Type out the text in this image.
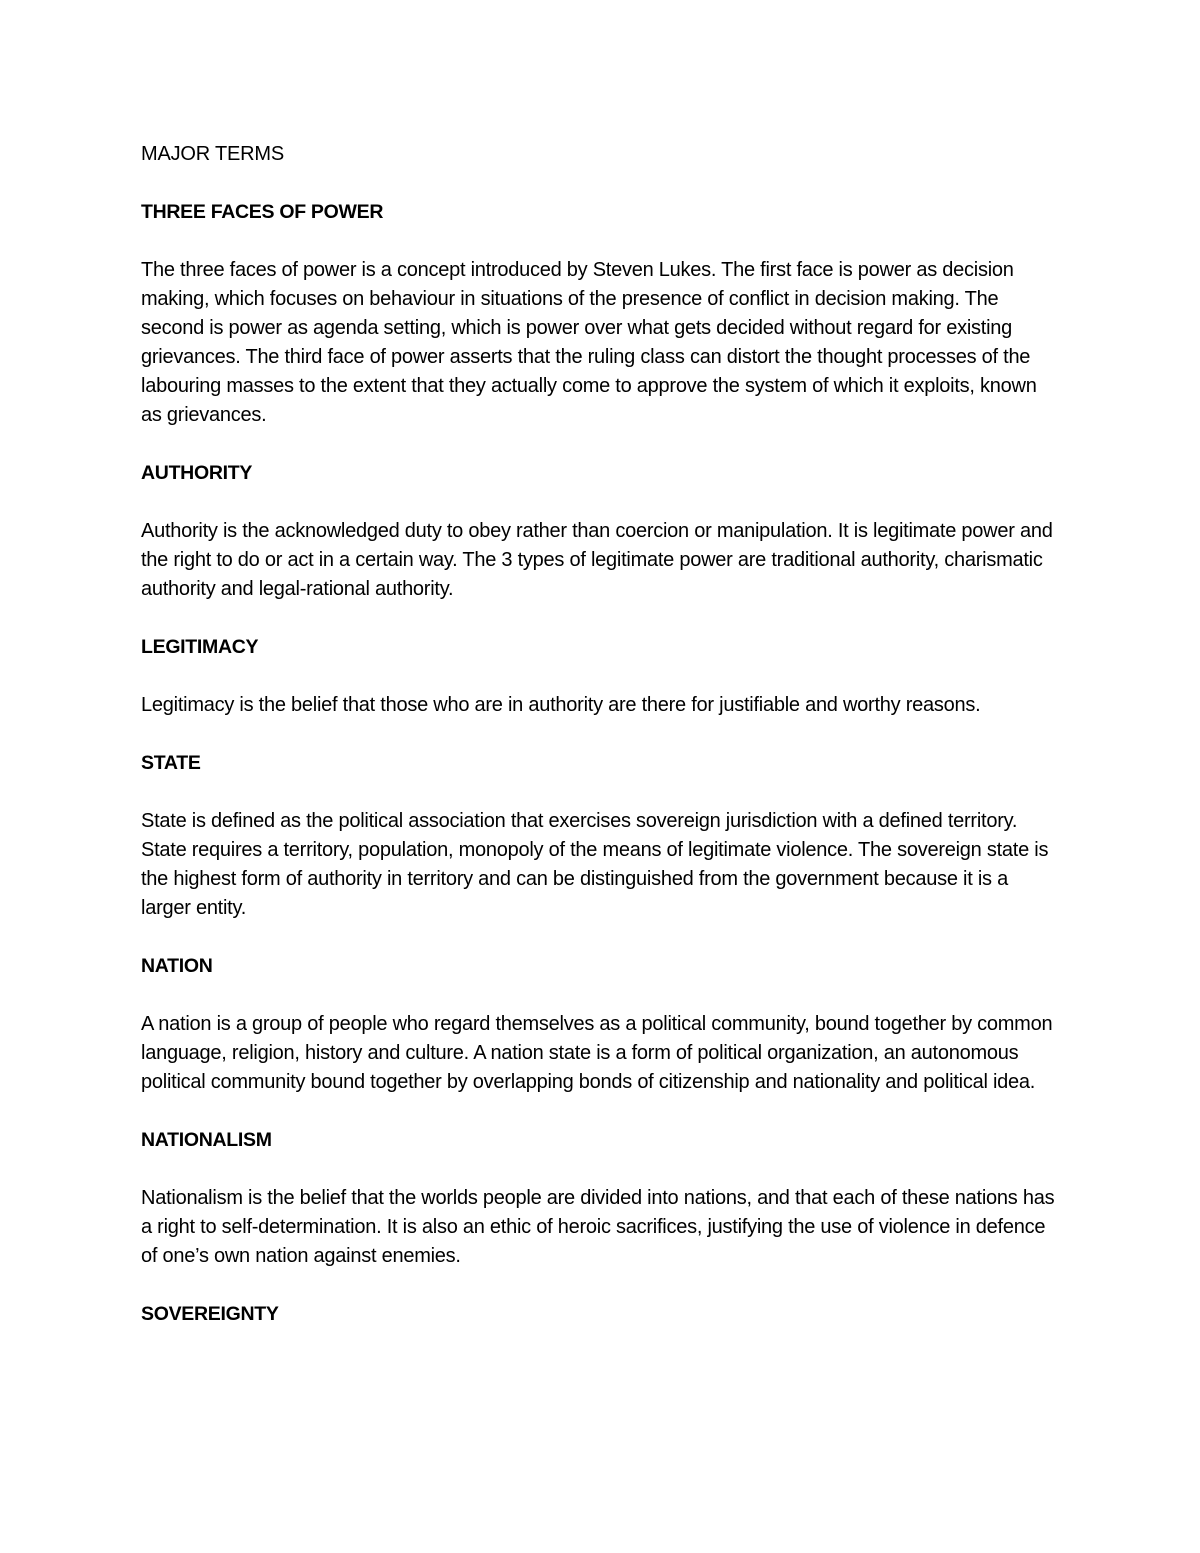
MAJOR TERMS
THREE FACES OF POWER

The three faces of power is a concept introduced by Steven Lukes. The first face is power as decision making, which focuses on behaviour in situations of the presence of conflict in decision making. The second is power as agenda setting, which is power over what gets decided without regard for existing grievances. The third face of power asserts that the ruling class can distort the thought processes of the labouring masses to the extent that they actually come to approve the system of which it exploits, known as grievances.

AUTHORITY

Authority is the acknowledged duty to obey rather than coercion or manipulation. It is legitimate power and the right to do or act in a certain way. The 3 types of legitimate power are traditional authority, charismatic authority and legal-rational authority.

LEGITIMACY

Legitimacy is the belief that those who are in authority are there for justifiable and worthy reasons.

STATE

State is defined as the political association that exercises sovereign jurisdiction with a defined territory. State requires a territory, population, monopoly of the means of legitimate violence. The sovereign state is the highest form of authority in territory and can be distinguished from the government because it is a larger entity.

NATION

A nation is a group of people who regard themselves as a political community, bound together by common language, religion, history and culture. A nation state is a form of political organization, an autonomous political community bound together by overlapping bonds of citizenship and nationality and political idea.

NATIONALISM

Nationalism is the belief that the worlds people are divided into nations, and that each of these nations has a right to self-determination. It is also an ethic of heroic sacrifices, justifying the use of violence in defence of one’s own nation against enemies.

SOVEREIGNTY
